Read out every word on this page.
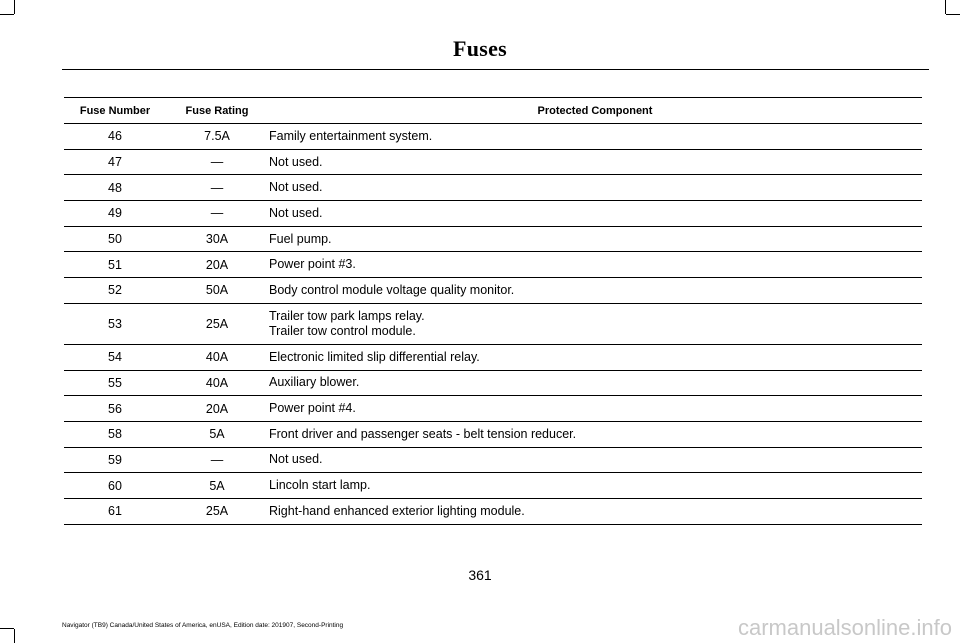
Fuses
Fuse Number	Fuse Rating	Protected Component
46	7.5A	Family entertainment system.

47	—	Not used.

48	—	Not used.

49	—	Not used.

50	30A	Fuel pump.

51	20A	Power point #3.

52	50A	Body control module voltage quality monitor.

53	25A	Trailer tow park lamps relay.
Trailer tow control module.

54	40A	Electronic limited slip differential relay.

55	40A	Auxiliary blower.

56	20A	Power point #4.

58	5A	Front driver and passenger seats - belt tension reducer.

59	—	Not used.

60	5A	Lincoln start lamp.

61	25A	Right-hand enhanced exterior lighting module.
361
Navigator (TB9) Canada/United States of America, enUSA, Edition date: 201907, Second-Printing	carmanualsonline.info
